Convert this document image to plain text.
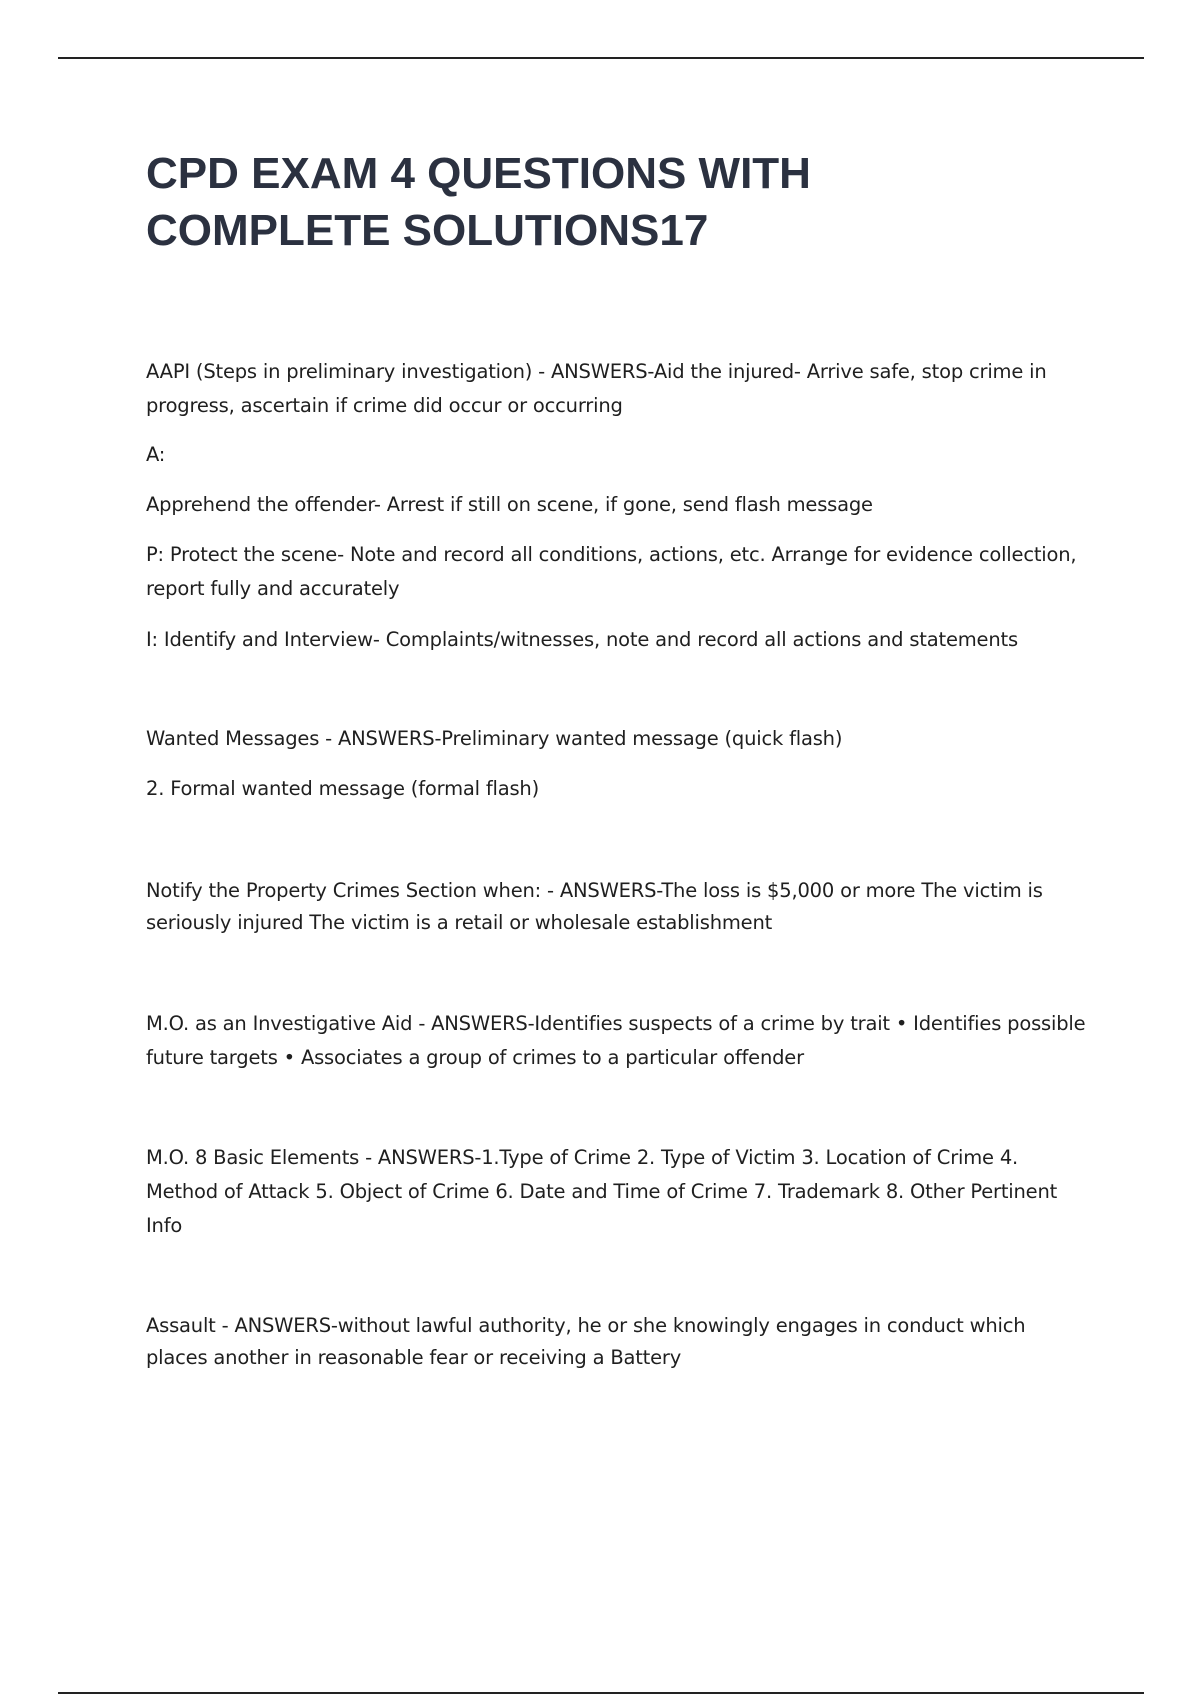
CPD EXAM 4 QUESTIONS WITH
COMPLETE SOLUTIONS17

AAPI (Steps in preliminary investigation) - ANSWERS-Aid the injured- Arrive safe, stop crime in progress, ascertain if crime did occur or occurring

A:

Apprehend the offender- Arrest if still on scene, if gone, send flash message

P: Protect the scene- Note and record all conditions, actions, etc. Arrange for evidence collection, report fully and accurately

I: Identify and Interview- Complaints/witnesses, note and record all actions and statements

Wanted Messages - ANSWERS-Preliminary wanted message (quick flash)

2. Formal wanted message (formal flash)

Notify the Property Crimes Section when: - ANSWERS-The loss is $5,000 or more The victim is seriously injured The victim is a retail or wholesale establishment

M.O. as an Investigative Aid - ANSWERS-Identifies suspects of a crime by trait • Identifies possible future targets • Associates a group of crimes to a particular offender

M.O. 8 Basic Elements - ANSWERS-1.Type of Crime 2. Type of Victim 3. Location of Crime 4. Method of Attack 5. Object of Crime 6. Date and Time of Crime 7. Trademark 8. Other Pertinent Info

Assault - ANSWERS-without lawful authority, he or she knowingly engages in conduct which places another in reasonable fear or receiving a Battery
